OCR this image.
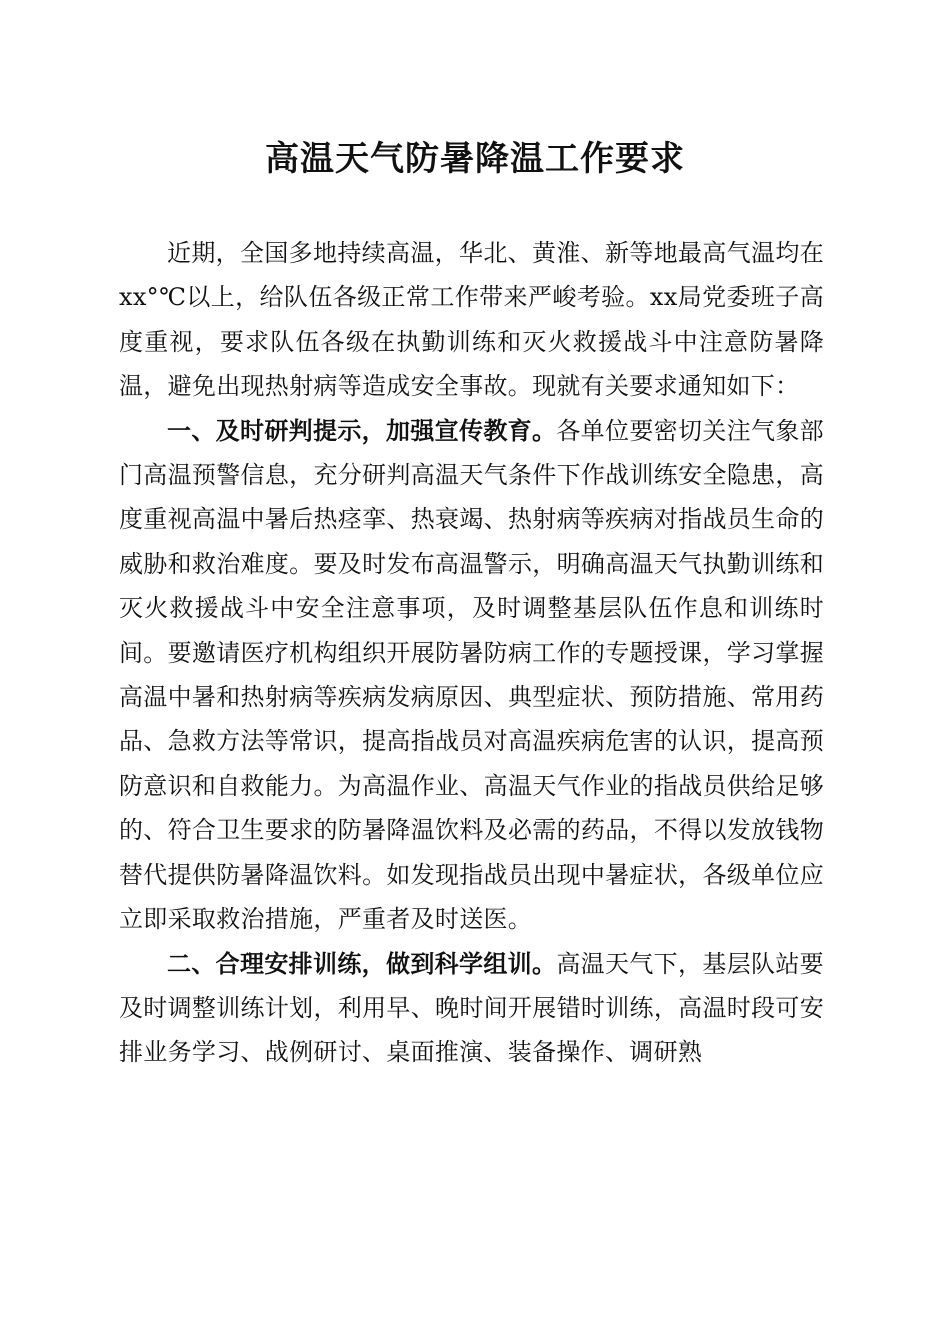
高温天气防暑降温工作要求

近期，全国多地持续高温，华北、黄淮、新等地最高气温均在xx°℃以上，给队伍各级正常工作带来严峻考验。xx局党委班子高度重视，要求队伍各级在执勤训练和灭火救援战斗中注意防暑降温，避免出现热射病等造成安全事故。现就有关要求通知如下：

一、及时研判提示，加强宣传教育。各单位要密切关注气象部门高温预警信息，充分研判高温天气条件下作战训练安全隐患，高度重视高温中暑后热痉挛、热衰竭、热射病等疾病对指战员生命的威胁和救治难度。要及时发布高温警示，明确高温天气执勤训练和灭火救援战斗中安全注意事项，及时调整基层队伍作息和训练时间。要邀请医疗机构组织开展防暑防病工作的专题授课，学习掌握高温中暑和热射病等疾病发病原因、典型症状、预防措施、常用药品、急救方法等常识，提高指战员对高温疾病危害的认识，提高预防意识和自救能力。为高温作业、高温天气作业的指战员供给足够的、符合卫生要求的防暑降温饮料及必需的药品，不得以发放钱物替代提供防暑降温饮料。如发现指战员出现中暑症状，各级单位应立即采取救治措施，严重者及时送医。

二、合理安排训练，做到科学组训。高温天气下，基层队站要及时调整训练计划，利用早、晚时间开展错时训练，高温时段可安排业务学习、战例研讨、桌面推演、装备操作、调研熟
